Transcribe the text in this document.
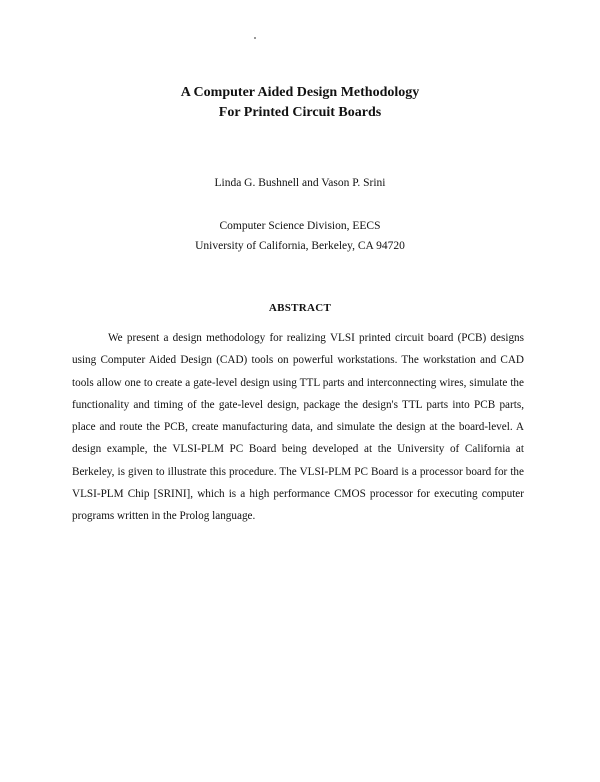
A Computer Aided Design Methodology
For Printed Circuit Boards
Linda G. Bushnell and Vason P. Srini
Computer Science Division, EECS
University of California, Berkeley, CA 94720
ABSTRACT

We present a design methodology for realizing VLSI printed circuit board (PCB) designs using Computer Aided Design (CAD) tools on powerful workstations. The workstation and CAD tools allow one to create a gate-level design using TTL parts and interconnecting wires, simulate the functionality and timing of the gate-level design, package the design's TTL parts into PCB parts, place and route the PCB, create manufacturing data, and simulate the design at the board-level. A design example, the VLSI-PLM PC Board being developed at the University of California at Berkeley, is given to illustrate this procedure. The VLSI-PLM PC Board is a processor board for the VLSI-PLM Chip [SRINI], which is a high performance CMOS processor for executing computer programs written in the Prolog language.
